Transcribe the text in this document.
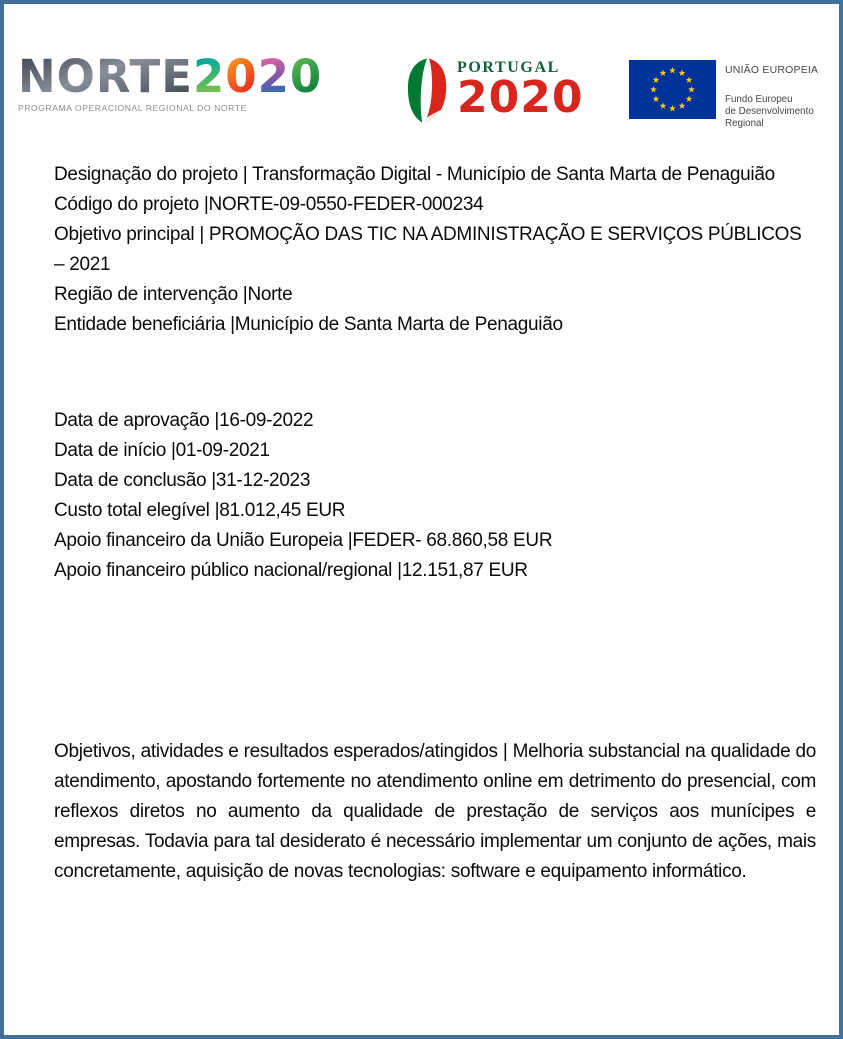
NORTE 2 0 2 0
PROGRAMA OPERACIONAL REGIONAL DO NORTE
PORTUGAL
2020
UNIÃO EUROPEIA
Fundo Europeu
de Desenvolvimento Regional
Designação do projeto | Transformação Digital - Município de Santa Marta de Penaguião
Código do projeto |NORTE-09-0550-FEDER-000234
Objetivo principal | PROMOÇÃO DAS TIC NA ADMINISTRAÇÃO E SERVIÇOS PÚBLICOS – 2021
Região de intervenção |Norte
Entidade beneficiária |Município de Santa Marta de Penaguião
Data de aprovação |16-09-2022
Data de início |01-09-2021
Data de conclusão |31-12-2023
Custo total elegível |81.012,45 EUR
Apoio financeiro da União Europeia |FEDER- 68.860,58 EUR
Apoio financeiro público nacional/regional |12.151,87 EUR
Objetivos, atividades e resultados esperados/atingidos | Melhoria substancial na qualidade do atendimento, apostando fortemente no atendimento online em detrimento do presencial, com reflexos diretos no aumento da qualidade de prestação de serviços aos munícipes e empresas. Todavia para tal desiderato é necessário implementar um conjunto de ações, mais concretamente, aquisição de novas tecnologias: software e equipamento informático.
